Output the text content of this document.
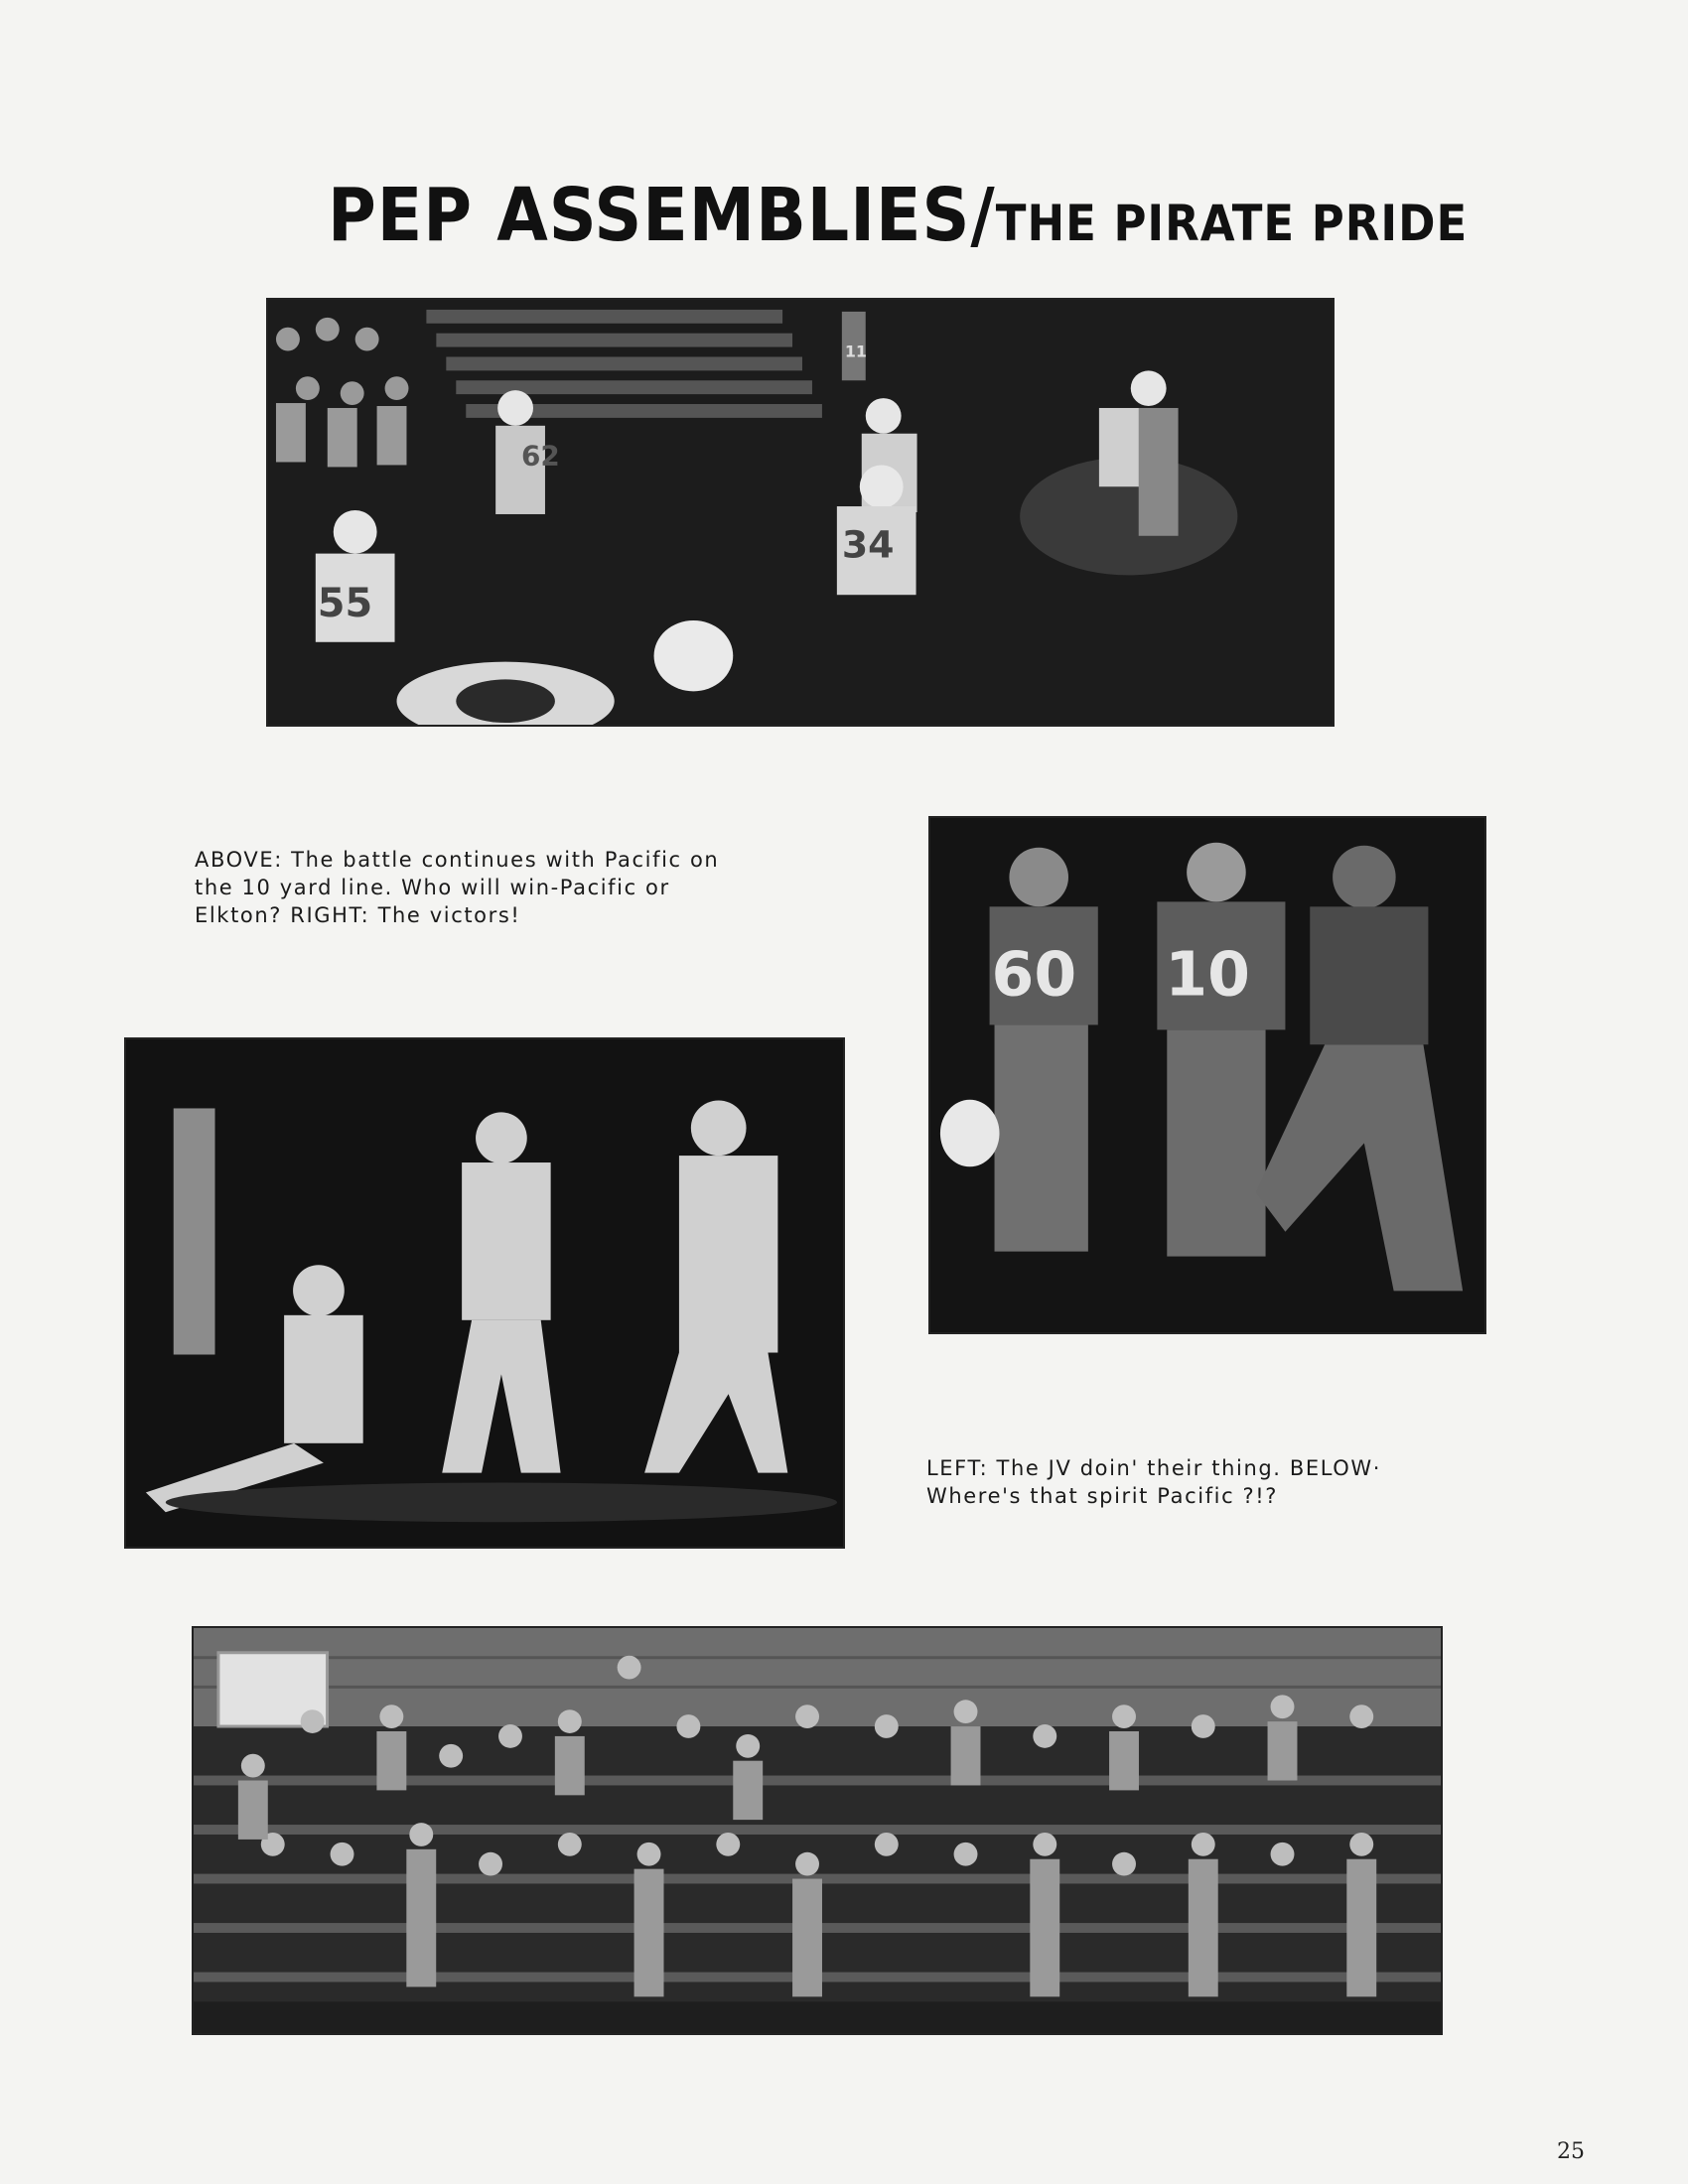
PEP ASSEMBLIES/THE PIRATE PRIDE
55
62
34
11

ABOVE: The battle continues with Pacific on the 10 yard line. Who will win-Pacific or Elkton? RIGHT: The victors!

60 10

LEFT: The JV doin' their thing. BELOW· Where's that spirit Pacific ?!?

25
